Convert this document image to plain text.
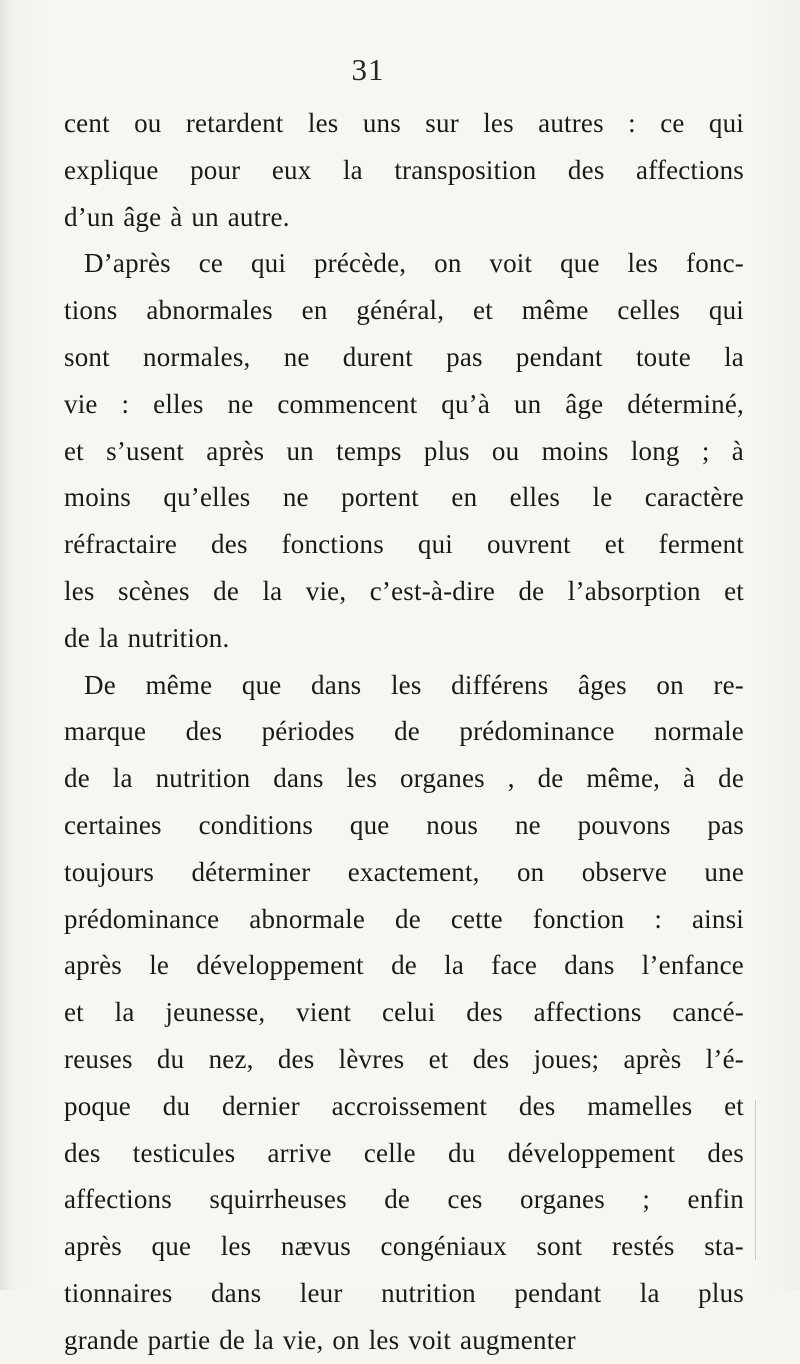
31
cent ou retardent les uns sur les autres : ce qui
explique pour eux la transposition des affections
d’un âge à un autre.
D’après ce qui précède, on voit que les fonc-
tions abnormales en général, et même celles qui
sont normales, ne durent pas pendant toute la
vie : elles ne commencent qu’à un âge déterminé,
et s’usent après un temps plus ou moins long ; à
moins qu’elles ne portent en elles le caractère
réfractaire des fonctions qui ouvrent et ferment
les scènes de la vie, c’est-à-dire de l’absorption et
de la nutrition.
De même que dans les différens âges on re-
marque des périodes de prédominance normale
de la nutrition dans les organes , de même, à de
certaines conditions que nous ne pouvons pas
toujours déterminer exactement, on observe une
prédominance abnormale de cette fonction : ainsi
après le développement de la face dans l’enfance
et la jeunesse, vient celui des affections cancé-
reuses du nez, des lèvres et des joues; après l’é-
poque du dernier accroissement des mamelles et
des testicules arrive celle du développement des
affections squirrheuses de ces organes ; enfin
après que les nævus congéniaux sont restés sta-
tionnaires dans leur nutrition pendant la plus
grande partie de la vie, on les voit augmenter
